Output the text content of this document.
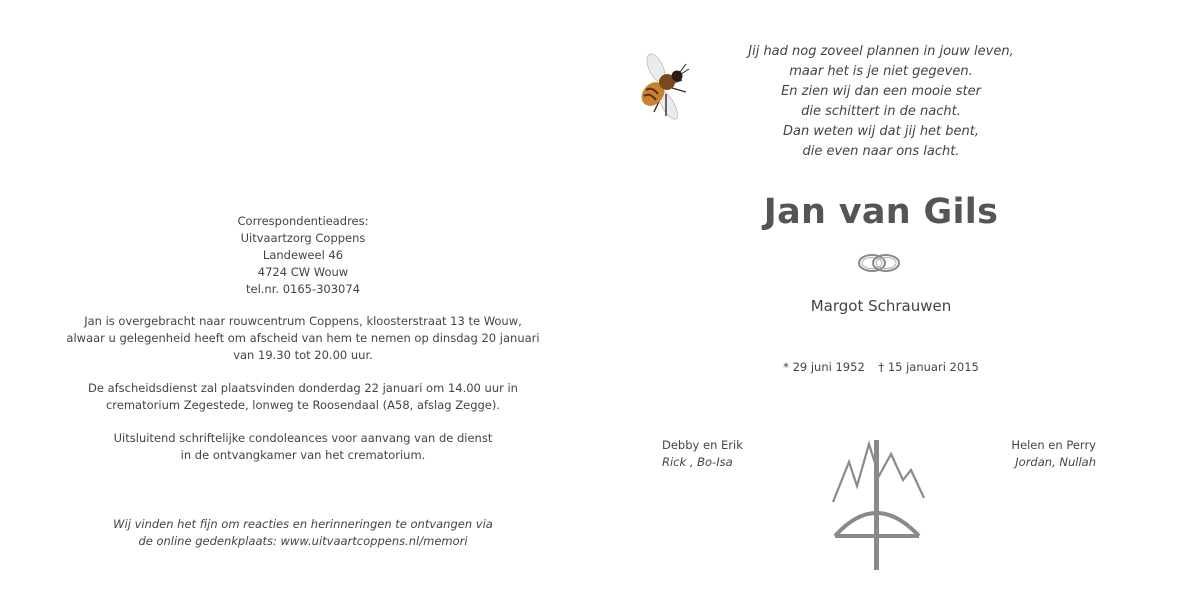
Correspondentieadres:
Uitvaartzorg Coppens
Landeweel 46
4724 CW Wouw
tel.nr. 0165-303074
Jan is overgebracht naar rouwcentrum Coppens, kloosterstraat 13 te Wouw,
alwaar u gelegenheid heeft om afscheid van hem te nemen op dinsdag 20 januari
van 19.30 tot 20.00 uur.
De afscheidsdienst zal plaatsvinden donderdag 22 januari om 14.00 uur in
crematorium Zegestede, lonweg te Roosendaal (A58, afslag Zegge).
Uitsluitend schriftelijke condoleances voor aanvang van de dienst
in de ontvangkamer van het crematorium.
Wij vinden het fijn om reacties en herinneringen te ontvangen via
de online gedenkplaats: www.uitvaartcoppens.nl/memori
Jij had nog zoveel plannen in jouw leven,
maar het is je niet gegeven.
En zien wij dan een mooie ster
die schittert in de nacht.
Dan weten wij dat jij het bent,
die even naar ons lacht.
Jan van Gils
Margot Schrauwen
* 29 juni 1952 † 15 januari 2015
Debby en Erik
Rick , Bo-Isa
Helen en Perry
Jordan, Nullah
